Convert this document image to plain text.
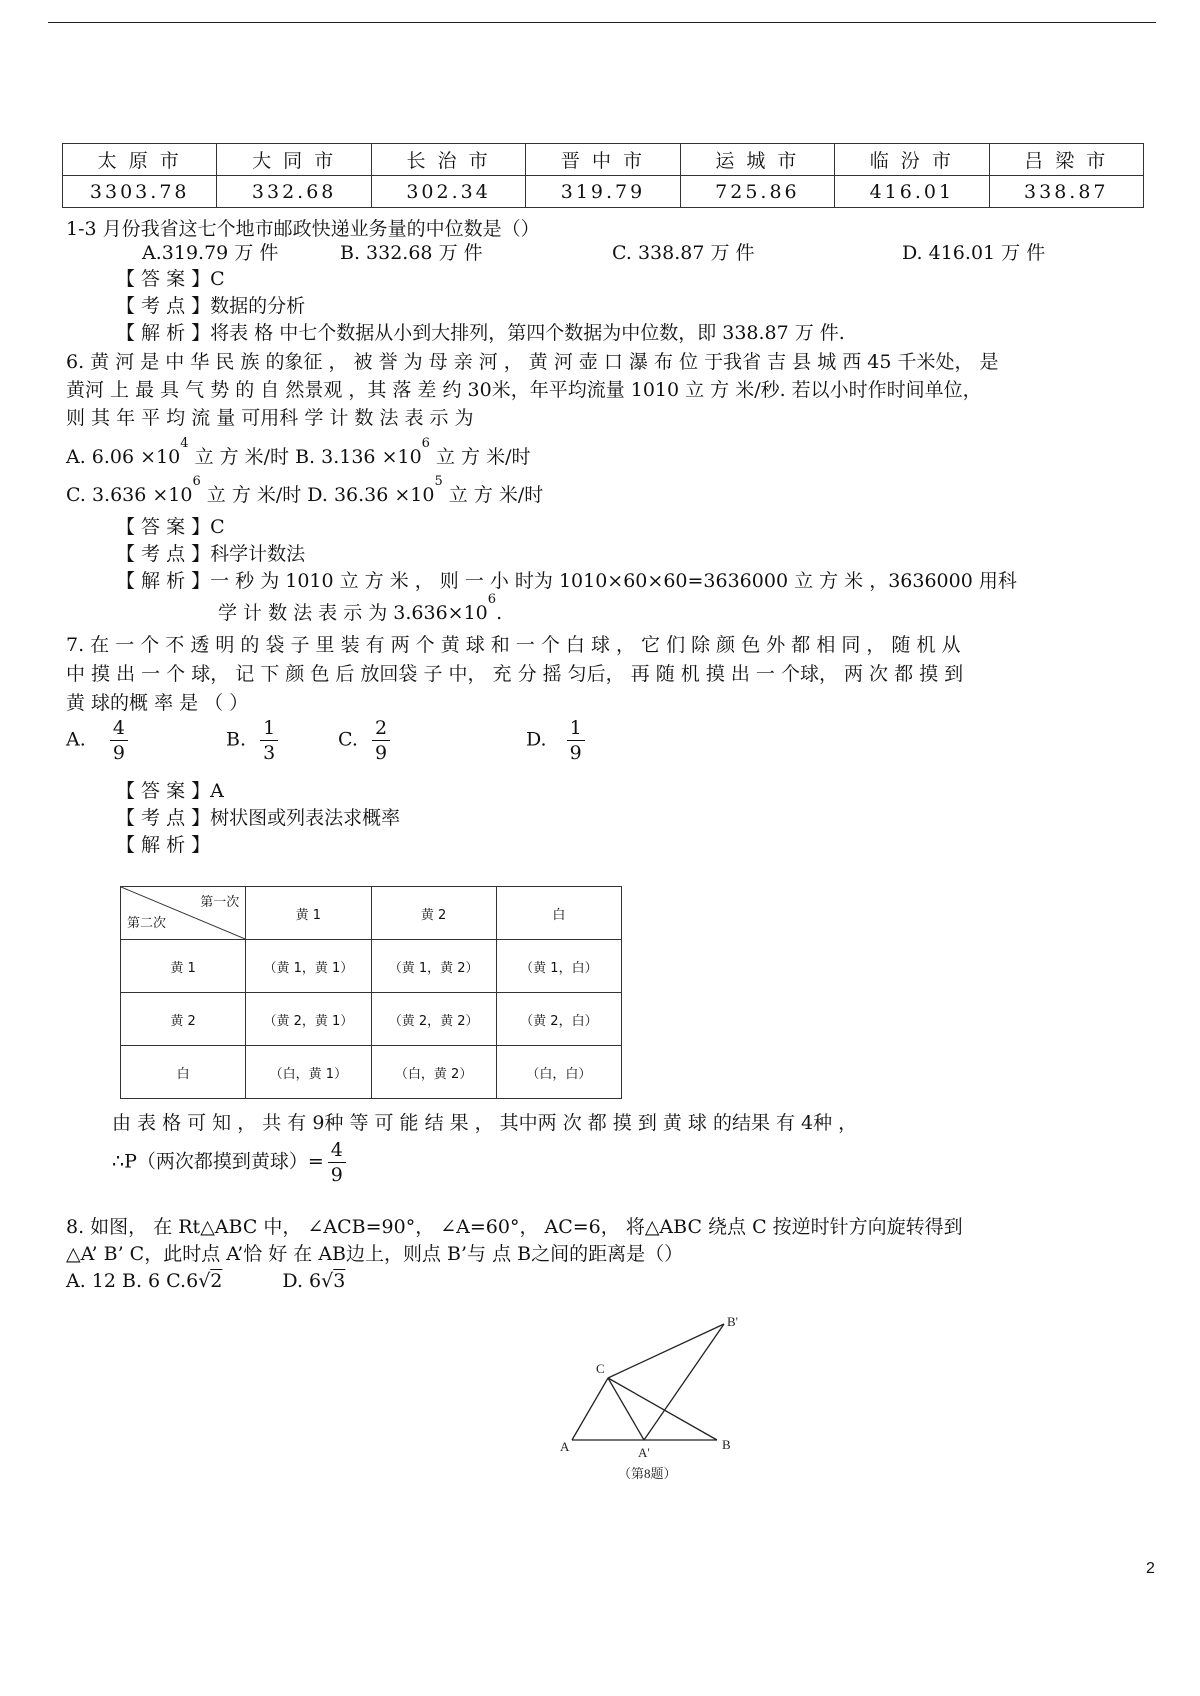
太 原 市	大 同 市	长 治 市	晋 中 市	运 城 市	临 汾 市	吕 梁 市
3303.78	332.68	302.34	319.79	725.86	416.01	338.87
1-3 月份我省这七个地市邮政快递业务量的中位数是（）
A.319.79 万 件	B. 332.68 万 件	C. 338.87 万 件	D. 416.01 万 件
【 答 案 】C
【 考 点 】数据的分析
【 解 析 】将表 格 中七个数据从小到大排列，第四个数据为中位数，即 338.87 万 件.
6. 黄 河 是 中 华 民 族 的象征 ， 被 誉 为 母 亲 河 ， 黄 河 壶 口 瀑 布 位 于我省 吉 县 城 西 45 千米处， 是
黄河 上 最 具 气 势 的 自 然景观 ，其 落 差 约 30米，年平均流量 1010 立 方 米/秒. 若以小时作时间单位，
则 其 年 平 均 流 量 可用科 学 计 数 法 表 示 为
A. $6.06 \times 10^4$ 立 方 米/时 B. $3.136 \times 10^6$ 立 方 米/时
C. $3.636 \times 10^6$ 立 方 米/时 D. $36.36 \times 10^5$ 立 方 米/时
【 答 案 】C
【 考 点 】科学计数法
【 解 析 】一 秒 为 1010 立 方 米 ， 则 一 小 时为 1010×60×60=3636000 立 方 米 ，3636000 用科
学 计 数 法 表 示 为 $3.636\times 10^6$.
7. 在 一 个 不 透 明 的 袋 子 里 装 有 两 个 黄 球 和 一 个 白 球 ， 它 们 除 颜 色 外 都 相 同 ， 随 机 从
中 摸 出 一 个 球， 记 下 颜 色 后 放回袋 子 中， 充 分 摇 匀后， 再 随 机 摸 出 一 个球， 两 次 都 摸 到
黄 球的概 率 是 （ ）
A. $\frac{4}{9}$	B. $\frac{1}{3}$	C. $\frac{2}{9}$	D. $\frac{1}{9}$
【 答 案 】A
【 考 点 】树状图或列表法求概率
【 解 析 】
第一次
第二次	黄 1	黄 2	白
黄 1	（黄 1，黄 1）	（黄 1，黄 2）	（黄 1，白）
黄 2	（黄 2，黄 1）	（黄 2，黄 2）	（黄 2，白）
白	（白，黄 1）	（白，黄 2）	（白，白）
由 表 格 可 知 ， 共 有 9种 等 可 能 结 果 ， 其中两 次 都 摸 到 黄 球 的结果 有 4种 ，
∴P（两次都摸到黄球）= $\frac{4}{9}$
8. 如图， 在 Rt△ABC 中， ∠ACB=90°， ∠A=60°， AC=6， 将△ABC 绕点 C 按逆时针方向旋转得到
△A’ B’ C，此时点 A’恰 好 在 AB边上，则点 B’与 点 B之间的距离是（）
A. 12 B. 6 C.6√2	D. 6√3
A	B
C
A'
B'
（第8题）
2
